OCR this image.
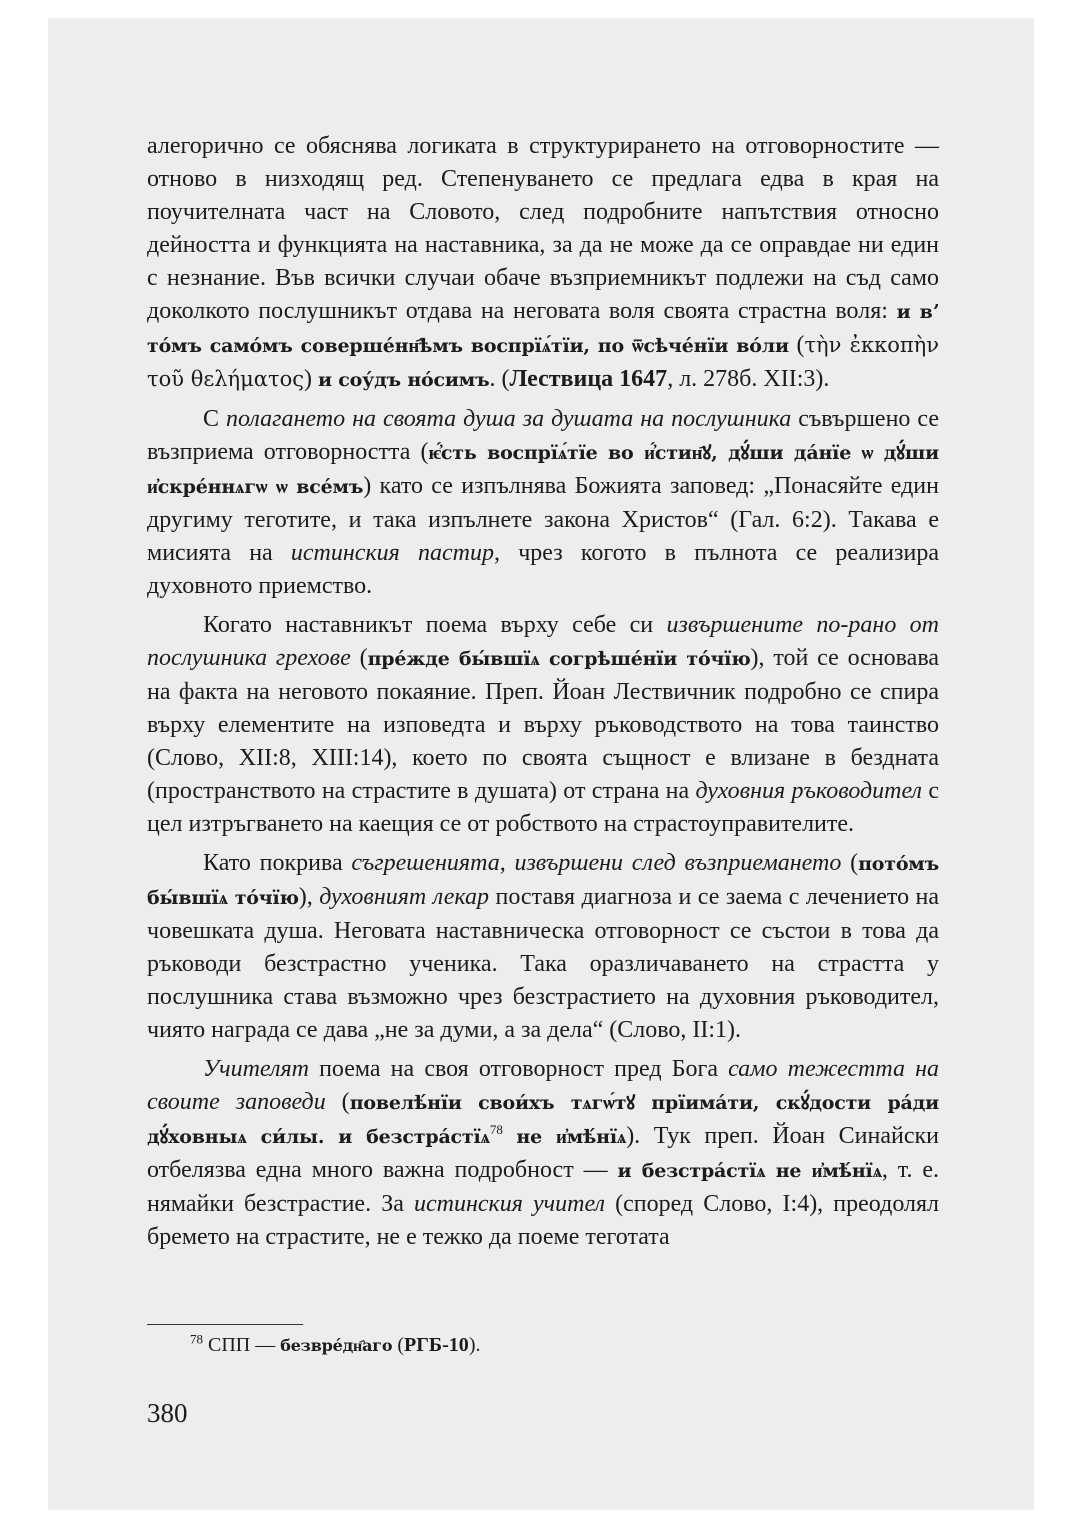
алегорично се обяснява логиката в структурирането на отговорностите — отново в низходящ ред. Степенуването се предлага едва в края на поучителната част на Словото, след подробните напътствия относно дейността и функцията на наставника, за да не може да се оправдае ни един с незнание. Във всички случаи обаче възприемникът подлежи на съд само доколкото послушникът отдава на неговата воля своята страстна воля: и вʼ то́мъ само́мъ соверше́нн҄ѣмъ воспрїѧ́тїи, по ѿсѣче́нїи во́ли (τὴν ἐκκοπὴν τοῦ θελήματος) и соу́дъ но́симъ. (Лествица 1647, л. 278б. XII:3).

С полагането на своята душа за душата на послушника съвършено се възприема отговорността (ѥ҆́сть воспрїѧ́тїе во и҆́стин҄ꙋ, дꙋ́ши да́нїе ѡ дꙋ́ши и҆скре́ннѧгѡ ѡ все́мъ) като се изпълнява Божията заповед: „Понасяйте един другиму теготите, и така изпълнете закона Христов“ (Гал. 6:2). Такава е мисията на истинския пастир, чрез когото в пълнота се реализира духовното приемство.

Когато наставникът поема върху себе си извършените по-рано от послушника грехове (пре́жде бы́вшїѧ согрѣше́нїи то́чїю), той се основава на факта на неговото покаяние. Преп. Йоан Лествичник подробно се спира върху елементите на изповедта и върху ръководството на това таинство (Слово, XII:8, XIII:14), което по своята същност е влизане в бездната (пространството на страстите в душата) от страна на духовния ръководител с цел изтръгването на каещия се от робството на страстоуправителите.

Като покрива съгрешенията, извършени след възприемането (пото́мъ бы́вшїѧ то́чїю), духовният лекар поставя диагноза и се заема с лечението на човешката душа. Неговата наставническа отговорност се състои в това да ръководи безстрастно ученика. Така оразличаването на страстта у послушника става възможно чрез безстрастието на духовния ръководител, чиято награда се дава „не за думи, а за дела“ (Слово, II:1).

Учителят поема на своя отговорност пред Бога само тежестта на своите заповеди (повелѣ́нїи свои́хъ тѧгѡ́тꙋ прїима́ти, скꙋ́дости ра́ди дꙋ́ховныѧ си́лы. и безстра́стїѧ$^{78}$ не и҆мѣ́нїѧ). Тук преп. Йоан Синайски отбелязва една много важна подробност — и безстра́стїѧ не и҆мѣ́нїѧ, т. е. нямайки безстрастие. За истинския учител (според Слово, I:4), преодолял бремето на страстите, не е тежко да поеме теготата

$^{78}$ СПП — безвре́дн҄аго (РГБ-10).

380
